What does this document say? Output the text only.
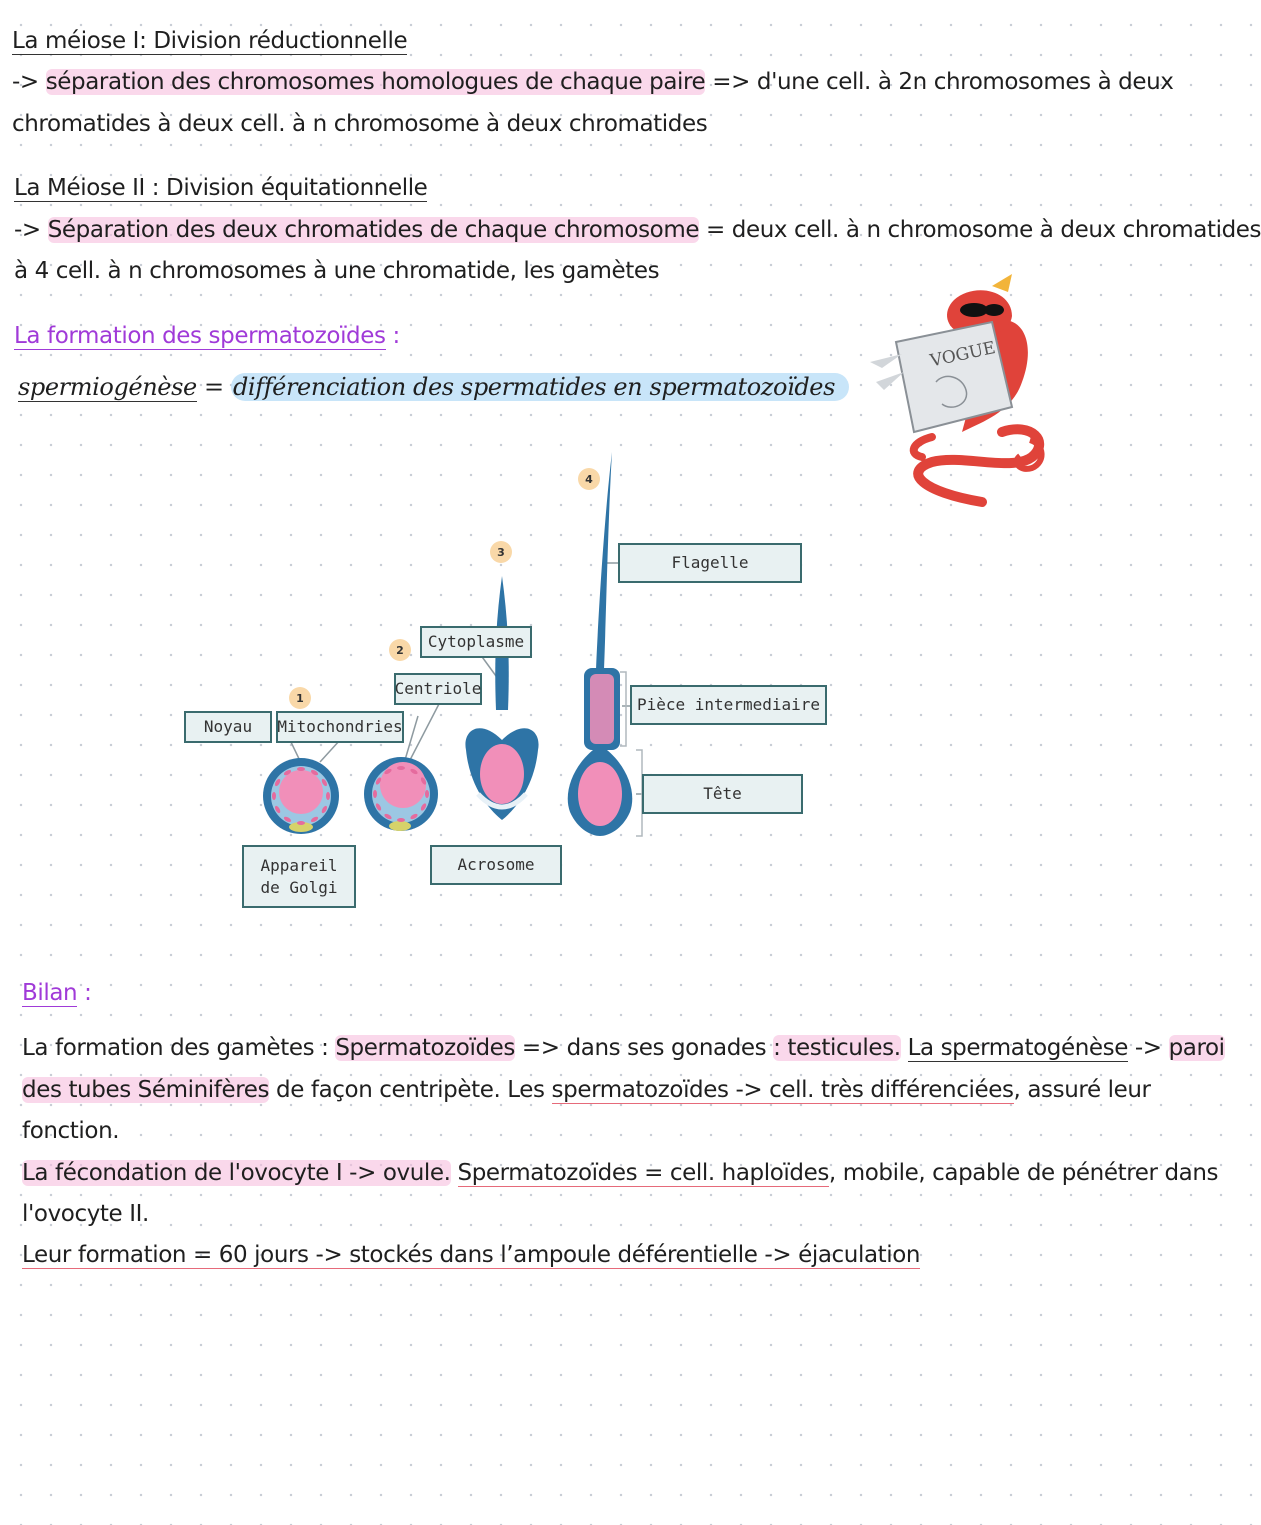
La méiose I: Division réductionnelle
-> séparation des chromosomes homologues de chaque paire => d'une cell. à 2n chromosomes à deux
chromatides à deux cell. à n chromosome à deux chromatides
La Méiose II : Division équitationnelle
-> Séparation des deux chromatides de chaque chromosome = deux cell. à n chromosome à deux chromatides
à 4 cell. à n chromosomes à une chromatide, les gamètes
La formation des spermatozoïdes :
spermiogénèse = différenciation des spermatides en spermatozoïdes
VOGUE
4
3
2
1
Flagelle
Cytoplasme
Centriole
Noyau	Mitochondries
Pièce intermediaire
Tête
Acrosome
Appareil
de Golgi
Bilan :
La formation des gamètes : Spermatozoïdes => dans ses gonades : testicules. La spermatogénèse -> paroi
des tubes Séminifères de façon centripète. Les spermatozoïdes -> cell. très différenciées, assuré leur
fonction.
La fécondation de l'ovocyte I -> ovule. Spermatozoïdes = cell. haploïdes, mobile, capable de pénétrer dans
l'ovocyte II.
Leur formation = 60 jours -> stockés dans l’ampoule déférentielle -> éjaculation
